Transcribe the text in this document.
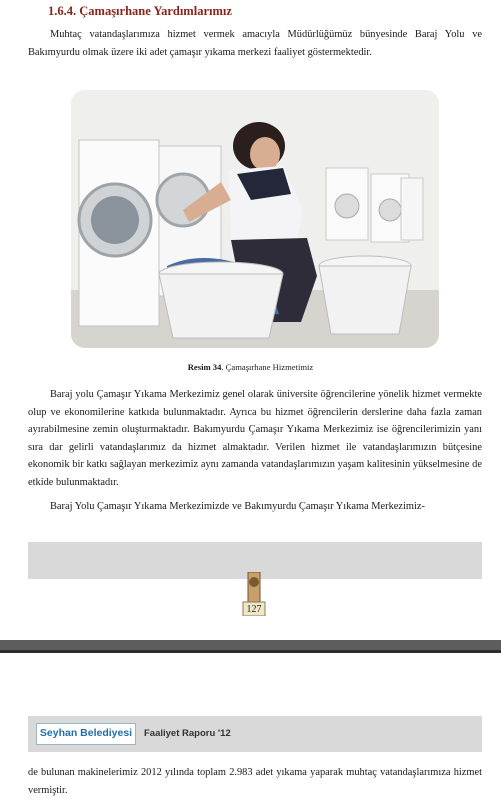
1.6.4. Çamaşırhane Yardımlarımız
Muhtaç vatandaşlarımıza hizmet vermek amacıyla Müdürlüğümüz bünyesinde Baraj Yolu ve Bakımyurdu olmak üzere iki adet çamaşır yıkama merkezi faaliyet göstermektedir.
Resim 34. Çamaşırhane Hizmetimiz
Baraj yolu Çamaşır Yıkama Merkezimiz genel olarak üniversite öğrencilerine yönelik hizmet vermekte olup ve ekonomilerine katkıda bulunmaktadır. Ayrıca bu hizmet öğrencilerin derslerine daha fazla zaman ayırabilmesine zemin oluşturmaktadır. Bakımyurdu Çamaşır Yıkama Merkezimiz ise öğrencilerimizin yanı sıra dar gelirli vatandaşlarımız da hizmet almaktadır. Verilen hizmet ile vatandaşlarımızın bütçesine ekonomik bir katkı sağlayan merkezimiz aynı zamanda vatandaşlarımızın yaşam kalitesinin yükselmesine de etkide bulunmaktadır.
Baraj Yolu Çamaşır Yıkama Merkezimizde ve Bakımyurdu Çamaşır Yıkama Merkezimiz-
127
Seyhan Belediyesi	Faaliyet Raporu '12
de bulunan makinelerimiz 2012 yılında toplam 2.983 adet yıkama yaparak muhtaç vatandaşlarımıza hizmet vermiştir.
